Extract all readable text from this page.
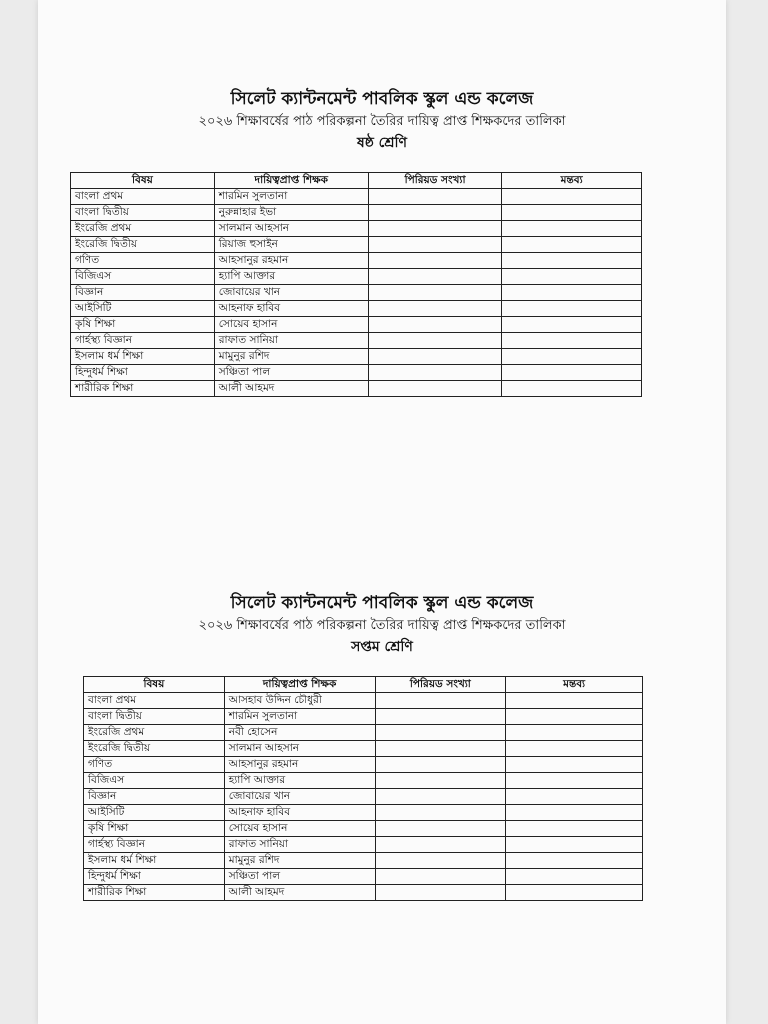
সিলেট ক্যান্টনমেন্ট পাবলিক স্কুল এন্ড কলেজ
২০২৬ শিক্ষাবর্ষের পাঠ পরিকল্পনা তৈরির দায়িত্ব প্রাপ্ত শিক্ষকদের তালিকা
ষষ্ঠ শ্রেণি
বিষয়	দায়িত্বপ্রাপ্ত শিক্ষক	পিরিয়ড সংখ্যা	মন্তব্য
বাংলা প্রথম	শারমিন সুলতানা		
বাংলা দ্বিতীয়	নুরুন্নাহার ইভা		
ইংরেজি প্রথম	সালমান আহসান		
ইংরেজি দ্বিতীয়	রিয়াজ হুসাইন		
গণিত	আহসানুর রহমান		
বিজিএস	হ্যাপি আক্তার		
বিজ্ঞান	জোবায়ের খান		
আইসিটি	আহনাফ হাবিব		
কৃষি শিক্ষা	সোয়েব হাসান		
গার্হস্থ্য বিজ্ঞান	রাফাত সানিয়া		
ইসলাম ধর্ম শিক্ষা	মামুনুর রশিদ		
হিন্দুধর্ম শিক্ষা	সঞ্চিতা পাল		
শারীরিক শিক্ষা	আলী আহমদ		
সিলেট ক্যান্টনমেন্ট পাবলিক স্কুল এন্ড কলেজ
২০২৬ শিক্ষাবর্ষের পাঠ পরিকল্পনা তৈরির দায়িত্ব প্রাপ্ত শিক্ষকদের তালিকা
সপ্তম শ্রেণি
বিষয়	দায়িত্বপ্রাপ্ত শিক্ষক	পিরিয়ড সংখ্যা	মন্তব্য
বাংলা প্রথম	আসহাব উদ্দিন চৌধুরী		
বাংলা দ্বিতীয়	শারমিন সুলতানা		
ইংরেজি প্রথম	নবী হোসেন		
ইংরেজি দ্বিতীয়	সালমান আহসান		
গণিত	আহসানুর রহমান		
বিজিএস	হ্যাপি আক্তার		
বিজ্ঞান	জোবায়ের খান		
আইসিটি	আহনাফ হাবিব		
কৃষি শিক্ষা	সোয়েব হাসান		
গার্হস্থ্য বিজ্ঞান	রাফাত সানিয়া		
ইসলাম ধর্ম শিক্ষা	মামুনুর রশিদ		
হিন্দুধর্ম শিক্ষা	সঞ্চিতা পাল		
শারীরিক শিক্ষা	আলী আহমদ		
